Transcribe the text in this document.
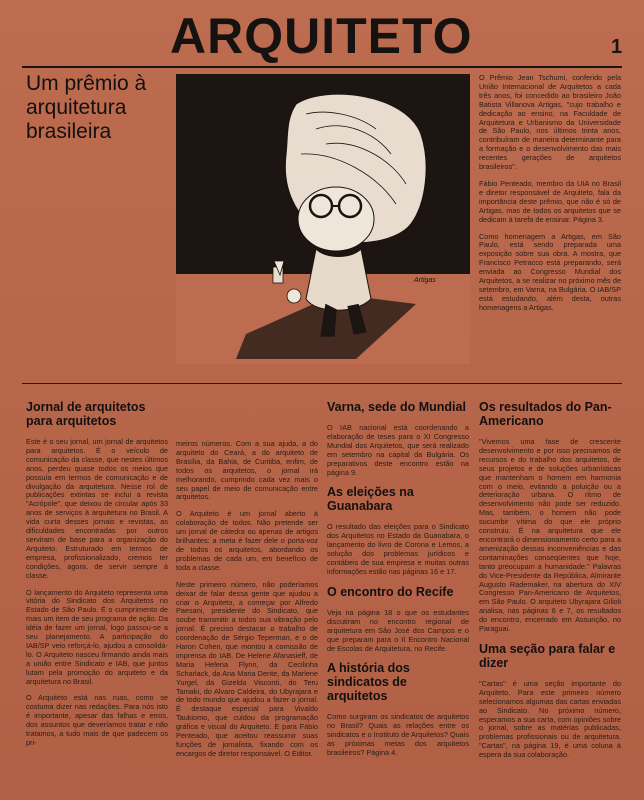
ARQUITETO	1
Um prêmio à arquitetura brasileira
Artigas

O Prêmio Jean Tschumi, conferido pela União Internacional de Arquitetos a cada três anos, foi concedido ao brasileiro João Batista Villanova Artigas, "cujo trabalho e dedicação ao ensino, na Faculdade de Arquitetura e Urbanismo da Universidade de São Paulo, nos últimos trinta anos, contribuíram de maneira determinante para a formação e o desenvolvimento das mais recentes gerações de arquitetos brasileiros".

Fábio Penteado, membro da UIA no Brasil e diretor responsável de Arquiteto, fala da importância deste prêmio, que não é só de Artigas, mas de todos os arquitetos que se dedicam à tarefa de ensinar. Página 3.

Como homenagem a Artigas, em São Paulo, está sendo preparada uma exposição sobre sua obra. A mostra, que Francisco Petracco está preparando, será enviada ao Congresso Mundial dos Arquitetos, a se realizar no próximo mês de setembro, em Varna, na Bulgária. O IAB/SP está estudando, além desta, outras homenagens a Artigas.

Jornal de arquitetos para arquitetos

Este é o seu jornal, um jornal de arquitetos para arquitetos. É o veículo de comunicação da classe, que nestes últimos anos, perdeu quase todos os meios que possuía em termos de comunicação e de divulgação da arquitetura. Nesse rol de publicações extintas se inclui a revista "Acrópole", que deixou de circular após 33 anos de serviços à arquitetura no Brasil. A vida curta desses jornais e revistas, as dificuldades encontradas por outros serviram de base para a organização do Arquiteto. Estruturado em termos de empresa, profissionalizado, cremos ter condições, agora, de servir sempre à classe.

O lançamento do Arquiteto representa uma vitória do Sindicato dos Arquitetos no Estado de São Paulo. É o cumprimento de mais um item de seu programa de ação. Da idéia de fazer um jornal, logo passou-se a seu planejamento. A participação do IAB/SP veio reforçá-lo, ajudou a consolidá-lo. O Arquiteto nasceu firmando ainda mais a união entre Sindicato e IAB, que juntos lutam pela promoção do arquiteto e da arquitetura no Brasil.

O Arquiteto está nas ruas, como se costuma dizer nas redações. Para nós isto é importante, apesar das falhas e erros, dos assuntos que deveríamos tratar e não tratamos, a tudo mais de que padecem os pri-

meiros números. Com a sua ajuda, a do arquiteto do Ceará, a do arquiteto de Brasília, da Bahia, de Curitiba, enfim, de todos os arquitetos, o jornal irá melhorando, cumprindo cada vez mais o seu papel de meio de comunicação entre arquitetos.

O Arquiteto é um jornal aberto à colaboração de todos. Não pretende ser um jornal de cátedra ou apenas de artigos brilhantes: a meta é fazer dele o porta-voz de todos os arquitetos, abordando os problemas de cada um, em benefício de toda a classe.

Neste primeiro número, não poderíamos deixar de falar dessa gente que ajudou a criar o Arquiteto, a começar por Alfredo Paesani, presidente do Sindicato, que soube transmitir a todos sua vibração pelo jornal. É preciso destacar o trabalho de coordenação de Sérgio Teperman, e o de Haron Cohen, que montou a comissão de imprensa do IAB. De Helene Afanasieff, de Maria Helena Flynn, da Cecilinha Scharlack, da Ana Maria Dente, da Marlene Yurgel, da Gizelda Visconti, do Teru Tamaki, do Alvaro Caldeira, do Ubyrajara e de todo mundo que ajudou a fazer o jornal. É destaque especial para Vivaldo Taukiomo, que cuidou da programação gráfica e visual do Arquiteto. E para Fábio Penteado, que aceitou reassumir suas funções de jornalista, fixando com os encargos de diretor responsável. O Editor.

Varna, sede do Mundial

O IAB nacional está coordenando a elaboração de teses para o XI Congresso Mundial dos Arquitetos, que será realizado em setembro na capital da Bulgária. Os preparativos deste encontro estão na página 9.

As eleições na Guanabara

O resultado das eleições para o Sindicato dos Arquitetos no Estado da Guanabara, o lançamento do livro de Corona e Lemos, a solução dos problemas jurídicos e contábeis de sua empresa e muitas outras informações estão nas páginas 16 e 17.

O encontro do Recife

Veja na página 18 o que os estudantes discutiram no encontro regional de arquitetura em São José dos Campos e o que preparam para o II Encontro Nacional de Escolas de Arquitetura, no Recife.

A história dos sindicatos de arquitetos

Como surgiram os sindicatos de arquitetos no Brasil? Quais as relações entre os sindicatos e o Instituto de Arquitetos? Quais as próximas metas dos arquitetos brasileiros? Página 4.

Os resultados do Pan-Americano

"Vivemos uma fase de crescente desenvolvimento e por isso precisamos de recursos e do trabalho dos arquitetos, de seus projetos e de soluções urbanísticas que mantenham o homem em harmonia com o meio, evitando a poluição ou a deterioração urbana. O ritmo de desenvolvimento não pode ser reduzido. Mas, também, o homem não pode sucumbir vítima do que ele próprio construiu. É na arquitetura que ele encontrará o dimensionamento certo para a amenização dessas inconveniências e das contaminações conseqüentes que hoje, tanto preocupam a humanidade." Palavras do Vice-Presidente da República, Almirante Augusto Rademaker, na abertura do XIV Congresso Pan-Americano de Arquitetos, em São Paulo. O arquiteto Ubyrajara Gilioli analisa, nas páginas 6 e 7, os resultados do encontro, encerrado em Assunção, no Paraguai.

Uma seção para falar e dizer

"Cartas" é uma seção importante do Arquiteto. Para este primeiro número selecionamos algumas das cartas enviadas ao Sindicato. No próximo número, esperamos a sua carta, com opiniões sobre o jornal, sobre as matérias publicadas, problemas profissionais ou de arquitetura. "Cartas", na página 19, é uma coluna à espera da sua colaboração.
